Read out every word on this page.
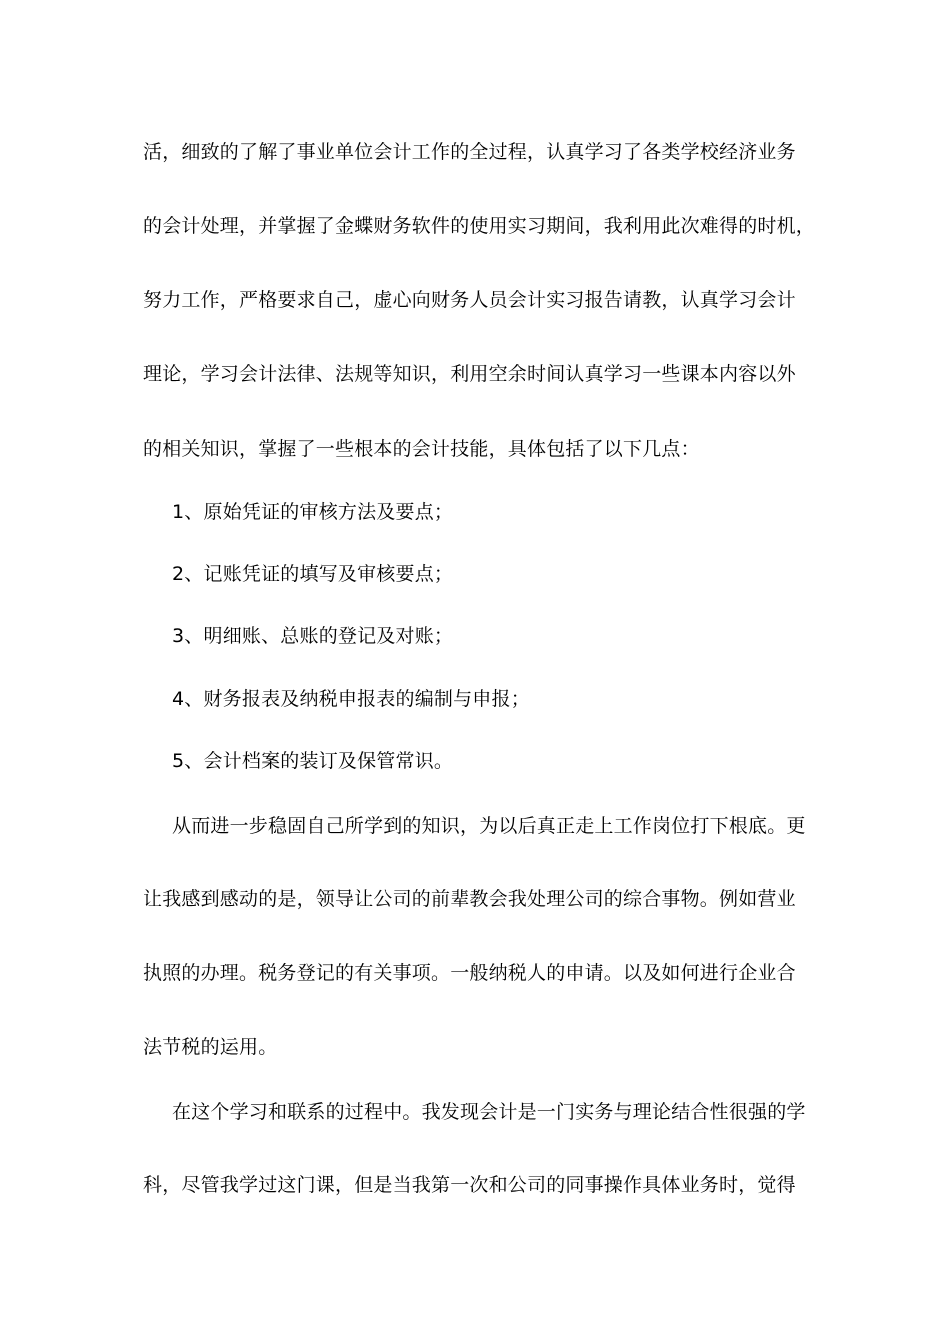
活，细致的了解了事业单位会计工作的全过程，认真学习了各类学校经济业务
的会计处理，并掌握了金蝶财务软件的使用实习期间，我利用此次难得的时机，
努力工作，严格要求自己，虚心向财务人员会计实习报告请教，认真学习会计
理论，学习会计法律、法规等知识，利用空余时间认真学习一些课本内容以外
的相关知识，掌握了一些根本的会计技能，具体包括了以下几点：
1、原始凭证的审核方法及要点；
2、记账凭证的填写及审核要点；
3、明细账、总账的登记及对账；
4、财务报表及纳税申报表的编制与申报；
5、会计档案的装订及保管常识。
从而进一步稳固自己所学到的知识，为以后真正走上工作岗位打下根底。更
让我感到感动的是，领导让公司的前辈教会我处理公司的综合事物。例如营业
执照的办理。税务登记的有关事项。一般纳税人的申请。以及如何进行企业合
法节税的运用。
在这个学习和联系的过程中。我发现会计是一门实务与理论结合性很强的学
科，尽管我学过这门课，但是当我第一次和公司的同事操作具体业务时，觉得
